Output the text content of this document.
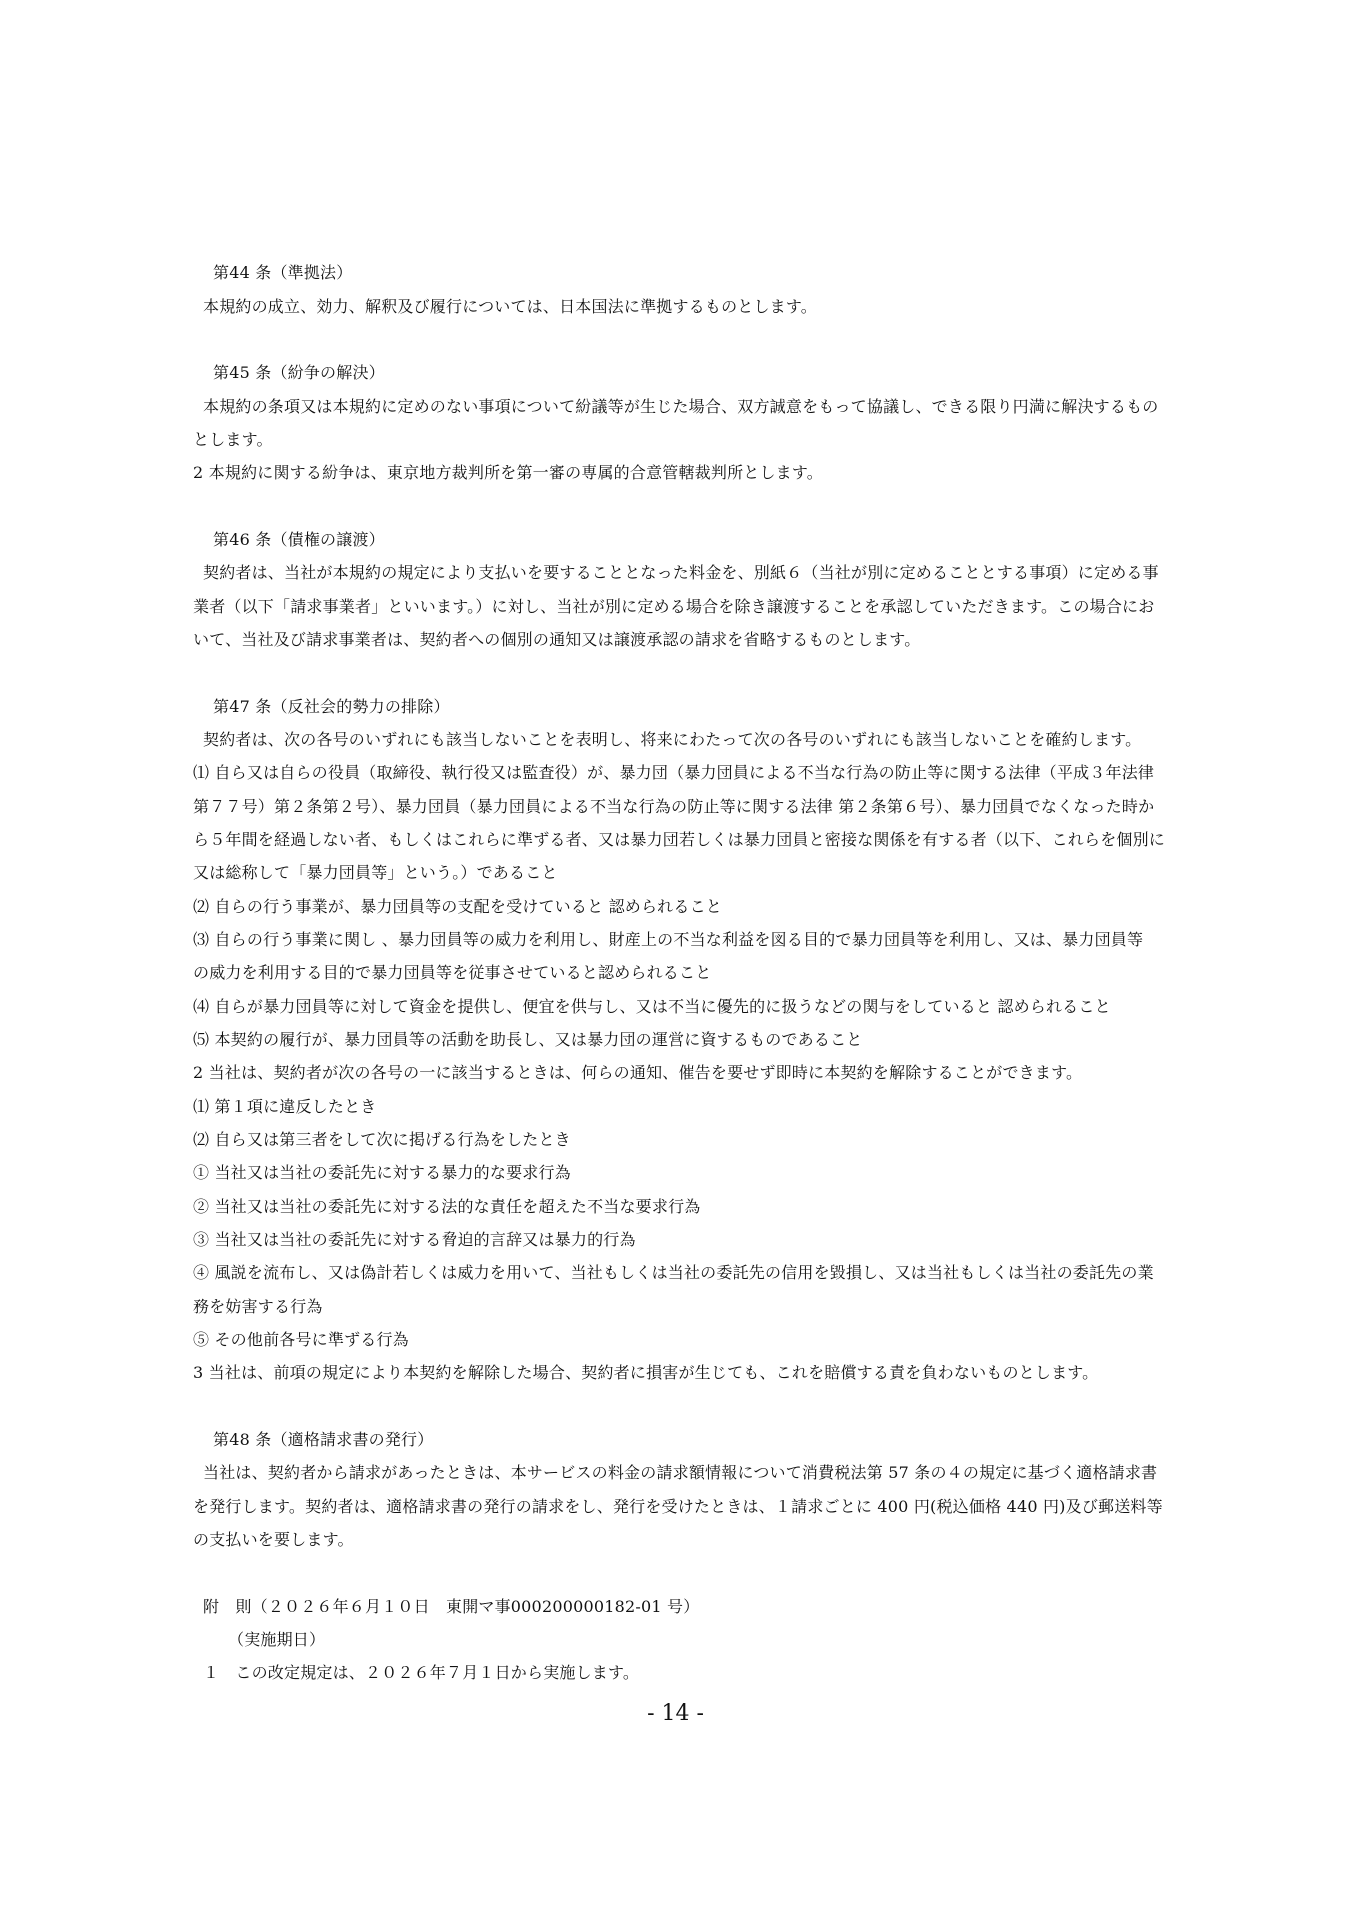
第44 条（準拠法）
本規約の成立、効力、解釈及び履行については、日本国法に準拠するものとします。
第45 条（紛争の解決）
本規約の条項又は本規約に定めのない事項について紛議等が生じた場合、双方誠意をもって協議し、できる限り円満に解決するもの
とします。
2 本規約に関する紛争は、東京地方裁判所を第一審の専属的合意管轄裁判所とします。
第46 条（債権の譲渡）
契約者は、当社が本規約の規定により支払いを要することとなった料金を、別紙６（当社が別に定めることとする事項）に定める事
業者（以下「請求事業者」といいます。）に対し、当社が別に定める場合を除き譲渡することを承認していただきます。この場合にお
いて、当社及び請求事業者は、契約者への個別の通知又は譲渡承認の請求を省略するものとします。
第47 条（反社会的勢力の排除）
契約者は、次の各号のいずれにも該当しないことを表明し、将来にわたって次の各号のいずれにも該当しないことを確約します。
⑴ 自ら又は自らの役員（取締役、執行役又は監査役）が、暴力団（暴力団員による不当な行為の防止等に関する法律（平成３年法律
第７７号）第２条第２号）、暴力団員（暴力団員による不当な行為の防止等に関する法律 第２条第６号）、暴力団員でなくなった時か
ら５年間を経過しない者、もしくはこれらに準ずる者、又は暴力団若しくは暴力団員と密接な関係を有する者（以下、これらを個別に
又は総称して「暴力団員等」という。）であること
⑵ 自らの行う事業が、暴力団員等の支配を受けていると 認められること
⑶ 自らの行う事業に関し 、暴力団員等の威力を利用し、財産上の不当な利益を図る目的で暴力団員等を利用し、又は、暴力団員等
の威力を利用する目的で暴力団員等を従事させていると認められること
⑷ 自らが暴力団員等に対して資金を提供し、便宜を供与し、又は不当に優先的に扱うなどの関与をしていると 認められること
⑸ 本契約の履行が、暴力団員等の活動を助長し、又は暴力団の運営に資するものであること
2 当社は、契約者が次の各号の一に該当するときは、何らの通知、催告を要せず即時に本契約を解除することができます。
⑴ 第１項に違反したとき
⑵ 自ら又は第三者をして次に掲げる行為をしたとき
① 当社又は当社の委託先に対する暴力的な要求行為
② 当社又は当社の委託先に対する法的な責任を超えた不当な要求行為
③ 当社又は当社の委託先に対する脅迫的言辞又は暴力的行為
④ 風説を流布し、又は偽計若しくは威力を用いて、当社もしくは当社の委託先の信用を毀損し、又は当社もしくは当社の委託先の業
務を妨害する行為
⑤ その他前各号に準ずる行為
3 当社は、前項の規定により本契約を解除した場合、契約者に損害が生じても、これを賠償する責を負わないものとします。
第48 条（適格請求書の発行）
当社は、契約者から請求があったときは、本サービスの料金の請求額情報について消費税法第 57 条の４の規定に基づく適格請求書
を発行します。契約者は、適格請求書の発行の請求をし、発行を受けたときは、１請求ごとに 400 円(税込価格 440 円)及び郵送料等
の支払いを要します。
附　則（２０２６年６月１０日　東開マ事000200000182-01 号）
（実施期日）
１　この改定規定は、２０２６年７月１日から実施します。
- 14 -
